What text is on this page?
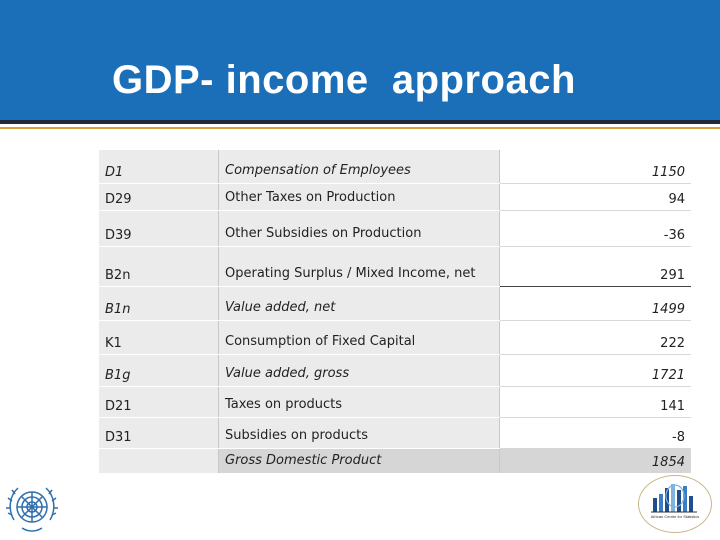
GDP- income  approach
D1	Compensation of Employees	1150
D29	Other Taxes on Production	94
D39	Other Subsidies on Production	-36
B2n	Operating Surplus / Mixed Income, net	291
B1n	Value added, net	1499
K1	Consumption of Fixed Capital	222
B1g	Value added, gross	1721
D21	Taxes on products	141
D31	Subsidies on products	-8
	Gross Domestic Product	1854
African Centre for Statistics
